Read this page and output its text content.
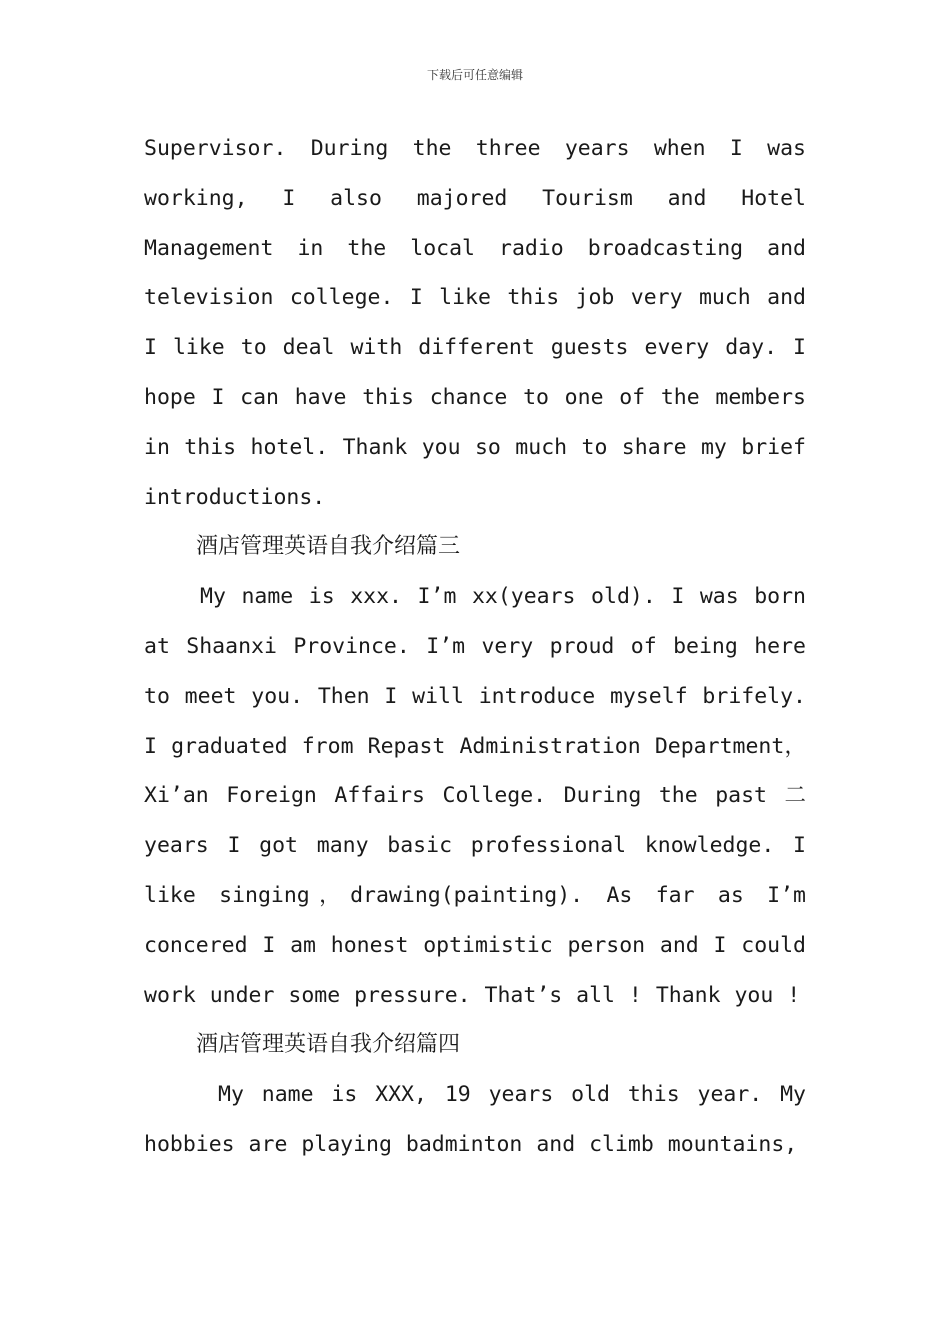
下载后可任意编辑

Supervisor. During the three years when I was working, I also majored Tourism and Hotel Management in the local radio broadcasting and television college. I like this job very much and I like to deal with different guests every day. I hope I can have this chance to one of the members in this hotel. Thank you so much to share my brief introductions.

酒店管理英语自我介绍篇三

My name is xxx. I’m xx(years old). I was born at Shaanxi Province. I’m very proud of being here to meet you. Then I will introduce myself brifely. I graduated from Repast Administration Department，Xi’an Foreign Affairs College. During the past 二 years I got many basic professional knowledge. I like singing，drawing(painting). As far as I’m concered I am honest optimistic person and I could work under some pressure. That’s all ! Thank you !

酒店管理英语自我介绍篇四

My name is XXX, 19 years old this year. My hobbies are playing badminton and climb mountains,
